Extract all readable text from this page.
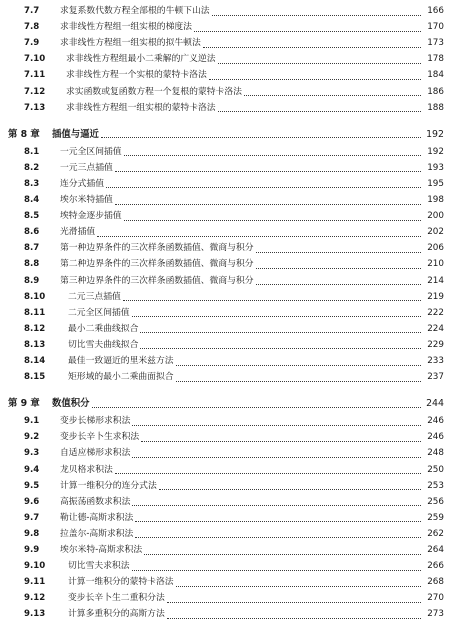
7.7 求复系数代数方程全部根的牛顿下山法	166
7.8 求非线性方程组一组实根的梯度法	170
7.9 求非线性方程组一组实根的拟牛顿法	173
7.10 求非线性方程组最小二乘解的广义逆法	178
7.11 求非线性方程一个实根的蒙特卡洛法	184
7.12 求实函数或复函数方程一个复根的蒙特卡洛法	186
7.13 求非线性方程组一组实根的蒙特卡洛法	188
第 8 章 插值与逼近	192
8.1 一元全区间插值	192
8.2 一元三点插值	193
8.3 连分式插值	195
8.4 埃尔米特插值	198
8.5 埃特金逐步插值	200
8.6 光滑插值	202
8.7 第一种边界条件的三次样条函数插值、微商与积分	206
8.8 第二种边界条件的三次样条函数插值、微商与积分	210
8.9 第三种边界条件的三次样条函数插值、微商与积分	214
8.10	二元三点插值	219
8.11	二元全区间插值	222
8.12	最小二乘曲线拟合	224
8.13	切比雪夫曲线拟合	229
8.14	最佳一致逼近的里米兹方法	233
8.15	矩形域的最小二乘曲面拟合	237
第 9 章 数值积分	244
9.1 变步长梯形求积法	246
9.2 变步长辛卜生求积法	246
9.3 自适应梯形求积法	248
9.4 龙贝格求积法	250
9.5 计算一维积分的连分式法	253
9.6 高振荡函数求积法	256
9.7 勒让德-高斯求积法	259
9.8 拉盖尔-高斯求积法	262
9.9 埃尔米特-高斯求积法	264
9.10	切比雪夫求积法	266
9.11	计算一维积分的蒙特卡洛法	268
9.12	变步长辛卜生二重积分法	270
9.13	计算多重积分的高斯方法	273
